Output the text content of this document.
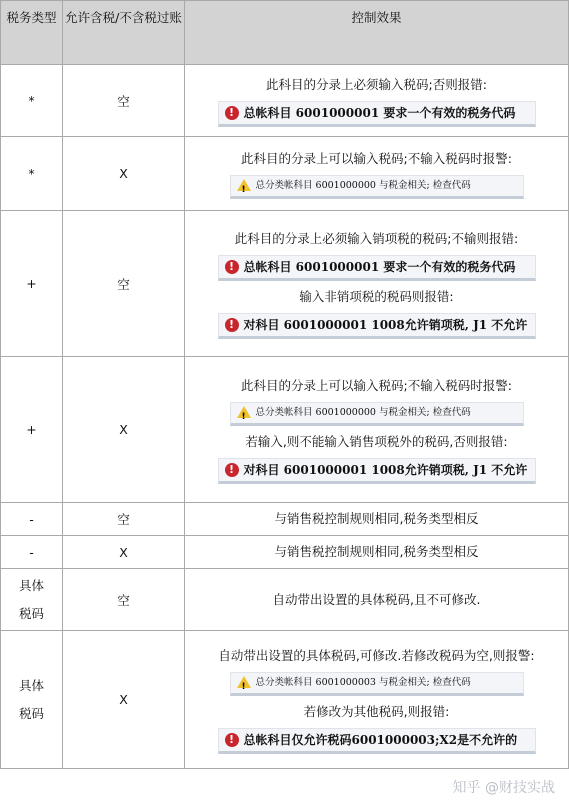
税务类型	允许含税/不含税过账	控制效果
*	空	此科目的分录上必须输入税码;否则报错:
! 总帐科目 6001000001 要求一个有效的税务代码

*	X	此科目的分录上可以输入税码;不输入税码时报警:
!总分类帐科目 6001000000 与税金相关; 检查代码

+	空	此科目的分录上必须输入销项税的税码;不输则报错:
! 总帐科目 6001000001 要求一个有效的税务代码
输入非销项税的税码则报错:
! 对科目 6001000001 1008允许销项税, J1 不允许

+	X	此科目的分录上可以输入税码;不输入税码时报警:
!总分类帐科目 6001000000 与税金相关; 检查代码
若输入,则不能输入销售项税外的税码,否则报错:
! 对科目 6001000001 1008允许销项税, J1 不允许

-	空	与销售税控制规则相同,税务类型相反

-	X	与销售税控制规则相同,税务类型相反

具体税码	空	自动带出设置的具体税码,且不可修改.

具体税码	X	自动带出设置的具体税码,可修改.若修改税码为空,则报警:
!总分类帐科目 6001000003 与税金相关; 检查代码
若修改为其他税码,则报错:
! 总帐科目仅允许税码6001000003;X2是不允许的
知乎 @财技实战
